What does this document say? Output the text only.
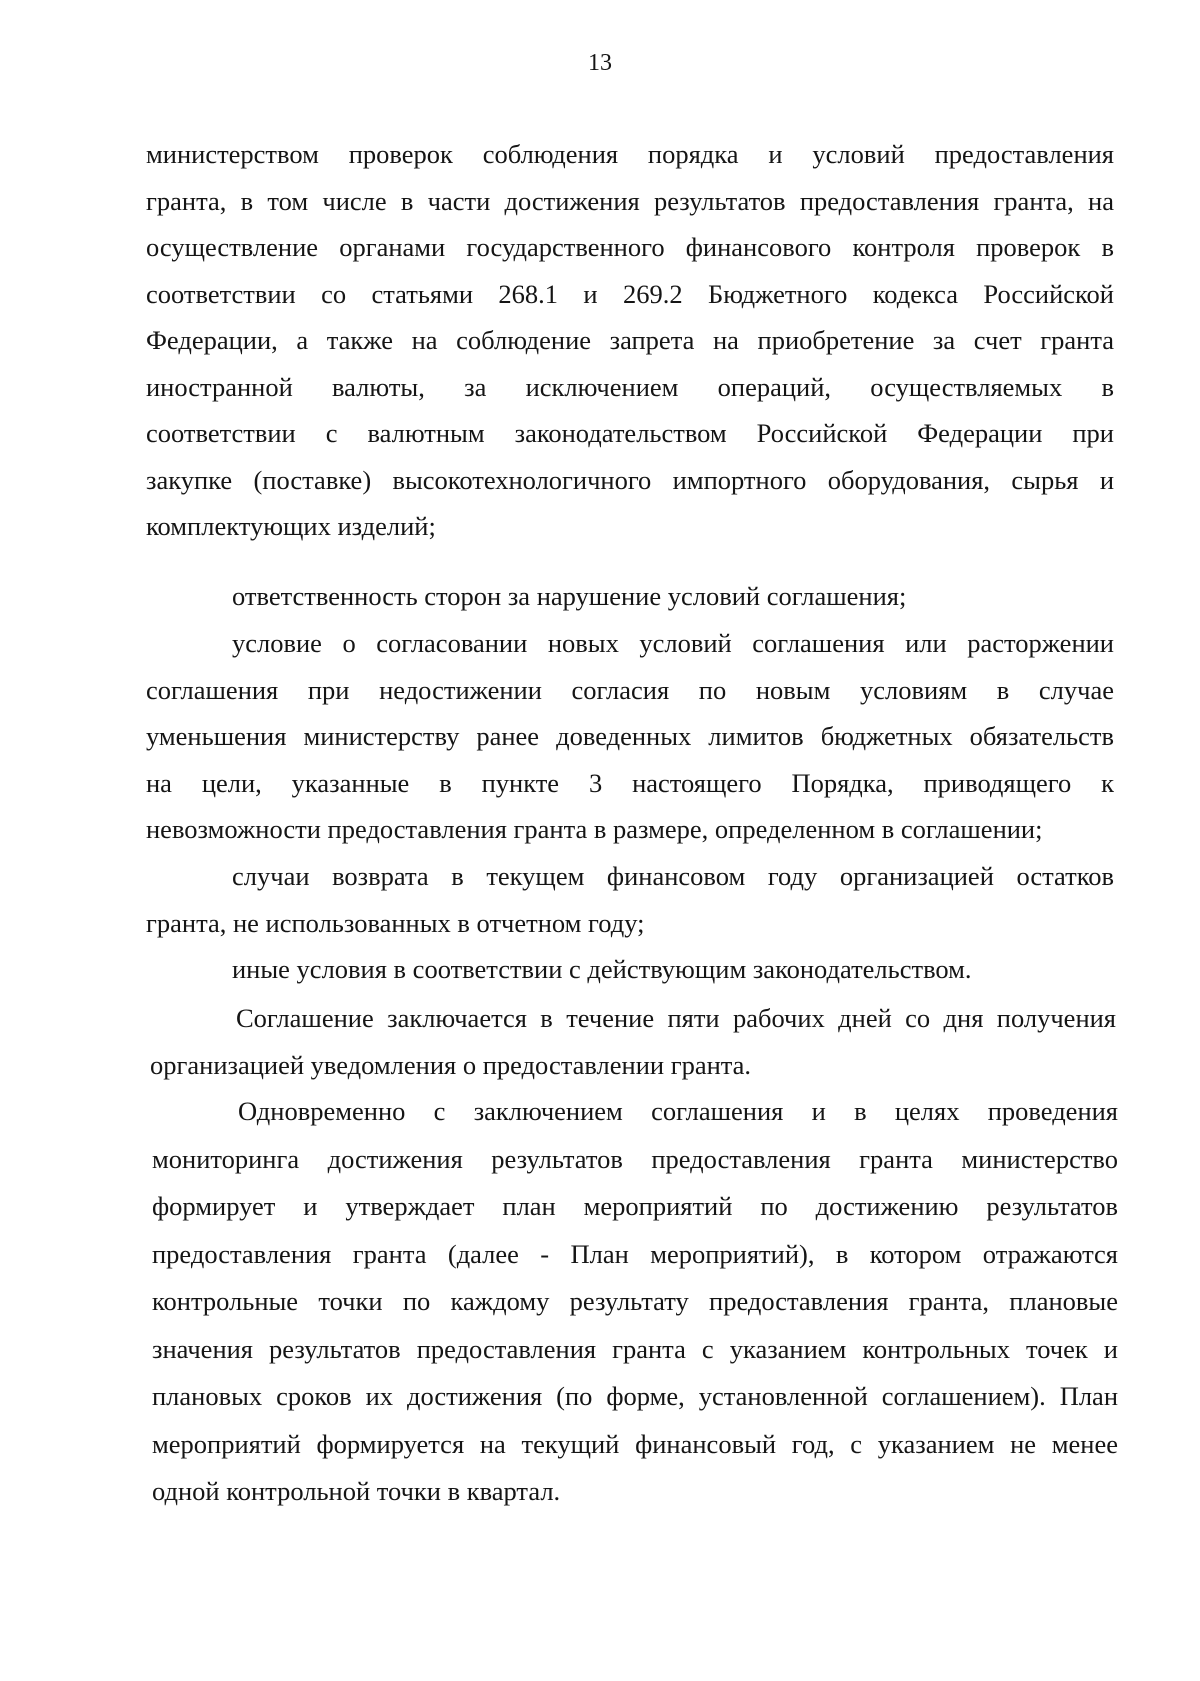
13
министерством проверок соблюдения порядка и условий предоставления
гранта, в том числе в части достижения результатов предоставления гранта, на
осуществление органами государственного финансового контроля проверок в
соответствии со статьями 268.1 и 269.2 Бюджетного кодекса Российской
Федерации, а также на соблюдение запрета на приобретение за счет гранта
иностранной валюты, за исключением операций, осуществляемых в
соответствии с валютным законодательством Российской Федерации при
закупке (поставке) высокотехнологичного импортного оборудования, сырья и
комплектующих изделий;
ответственность сторон за нарушение условий соглашения;
условие о согласовании новых условий соглашения или расторжении
соглашения при недостижении согласия по новым условиям в случае
уменьшения министерству ранее доведенных лимитов бюджетных обязательств
на цели, указанные в пункте 3 настоящего Порядка, приводящего к
невозможности предоставления гранта в размере, определенном в соглашении;
случаи возврата в текущем финансовом году организацией остатков
гранта, не использованных в отчетном году;
иные условия в соответствии с действующим законодательством.
Соглашение заключается в течение пяти рабочих дней со дня получения
организацией уведомления о предоставлении гранта.
Одновременно с заключением соглашения и в целях проведения
мониторинга достижения результатов предоставления гранта министерство
формирует и утверждает план мероприятий по достижению результатов
предоставления гранта (далее - План мероприятий), в котором отражаются
контрольные точки по каждому результату предоставления гранта, плановые
значения результатов предоставления гранта с указанием контрольных точек и
плановых сроков их достижения (по форме, установленной соглашением). План
мероприятий формируется на текущий финансовый год, с указанием не менее
одной контрольной точки в квартал.
